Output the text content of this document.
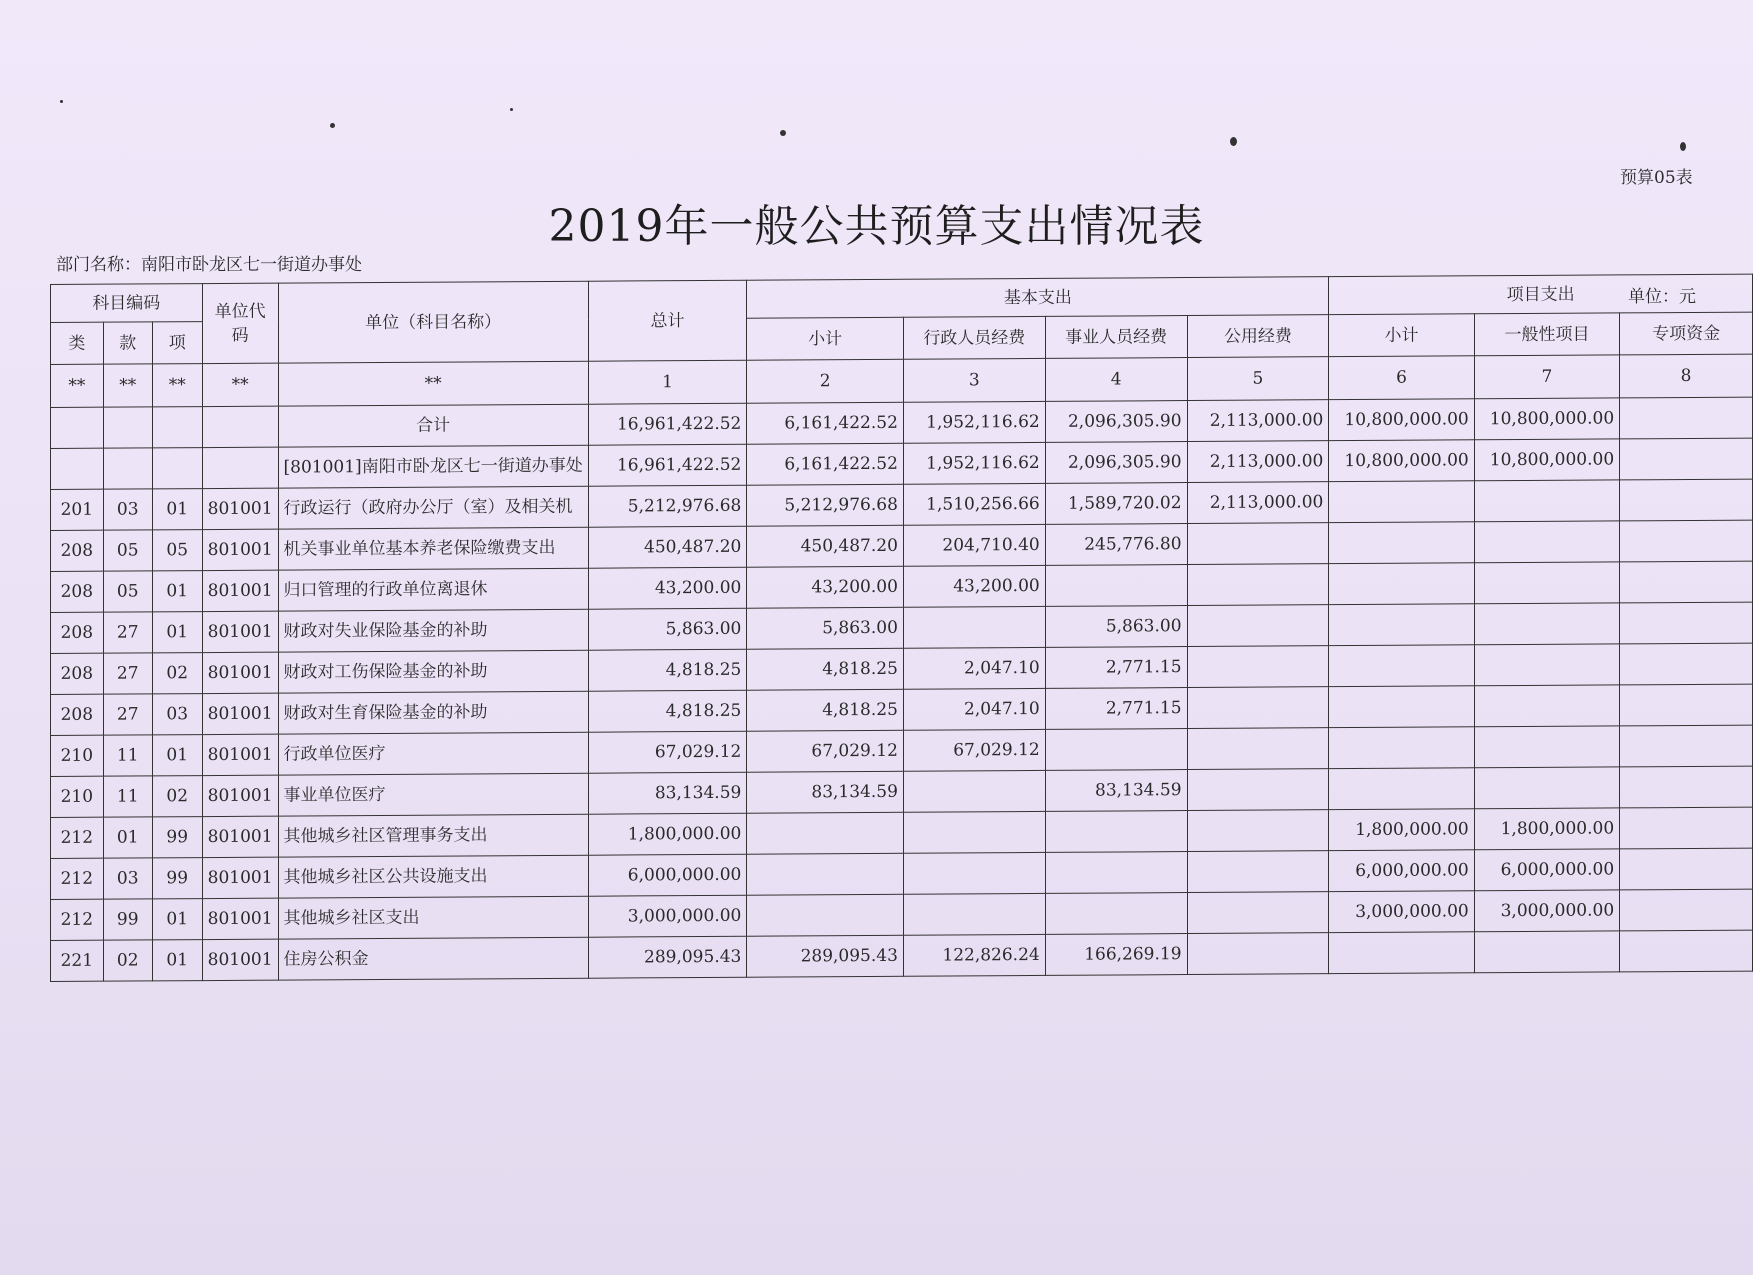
预算05表
2019年一般公共预算支出情况表
部门名称：南阳市卧龙区七一街道办事处
单位：元
科目编码			单位代码	单位（科目名称）	总计	基本支出				项目支出		
类	款	项				小计	行政人员经费	事业人员经费	公用经费	小计	一般性项目	专项资金
**	**	**	**	**	1	2	3	4	5	6	7	8
				合计	16,961,422.52	6,161,422.52	1,952,116.62	2,096,305.90	2,113,000.00	10,800,000.00	10,800,000.00	
				[801001]南阳市卧龙区七一街道办事处	16,961,422.52	6,161,422.52	1,952,116.62	2,096,305.90	2,113,000.00	10,800,000.00	10,800,000.00	
201	03	01	801001	行政运行（政府办公厅（室）及相关机	5,212,976.68	5,212,976.68	1,510,256.66	1,589,720.02	2,113,000.00			
208	05	05	801001	机关事业单位基本养老保险缴费支出	450,487.20	450,487.20	204,710.40	245,776.80				
208	05	01	801001	归口管理的行政单位离退休	43,200.00	43,200.00	43,200.00					
208	27	01	801001	财政对失业保险基金的补助	5,863.00	5,863.00		5,863.00				
208	27	02	801001	财政对工伤保险基金的补助	4,818.25	4,818.25	2,047.10	2,771.15				
208	27	03	801001	财政对生育保险基金的补助	4,818.25	4,818.25	2,047.10	2,771.15				
210	11	01	801001	行政单位医疗	67,029.12	67,029.12	67,029.12					
210	11	02	801001	事业单位医疗	83,134.59	83,134.59		83,134.59				
212	01	99	801001	其他城乡社区管理事务支出	1,800,000.00					1,800,000.00	1,800,000.00	
212	03	99	801001	其他城乡社区公共设施支出	6,000,000.00					6,000,000.00	6,000,000.00	
212	99	01	801001	其他城乡社区支出	3,000,000.00					3,000,000.00	3,000,000.00	
221	02	01	801001	住房公积金	289,095.43	289,095.43	122,826.24	166,269.19				
